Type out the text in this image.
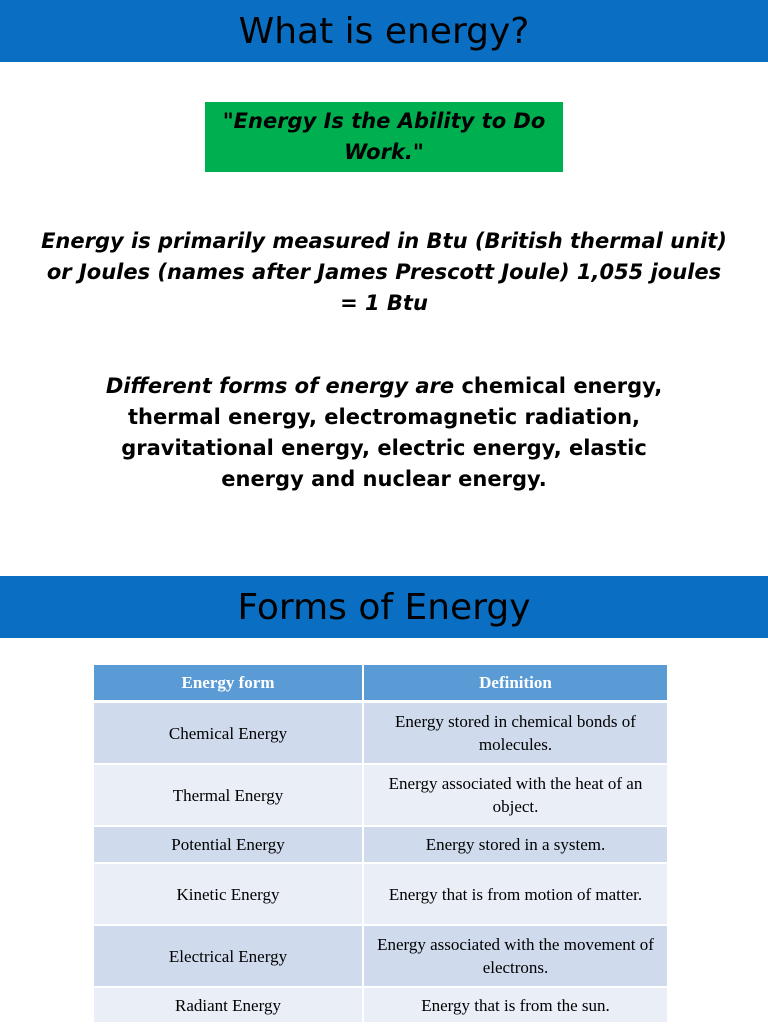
What is energy?
"Energy Is the Ability to Do Work."
Energy is primarily measured in Btu (British thermal unit) or Joules (names after James Prescott Joule) 1,055 joules = 1 Btu
Different forms of energy are chemical energy, thermal energy, electromagnetic radiation, gravitational energy, electric energy, elastic energy and nuclear energy.
Forms of Energy
Energy form	Definition
Chemical Energy	Energy stored in chemical bonds of molecules.
Thermal Energy	Energy associated with the heat of an object.
Potential Energy	Energy stored in a system.
Kinetic Energy	Energy that is from motion of matter.
Electrical Energy	Energy associated with the movement of electrons.
Radiant Energy	Energy that is from the sun.
